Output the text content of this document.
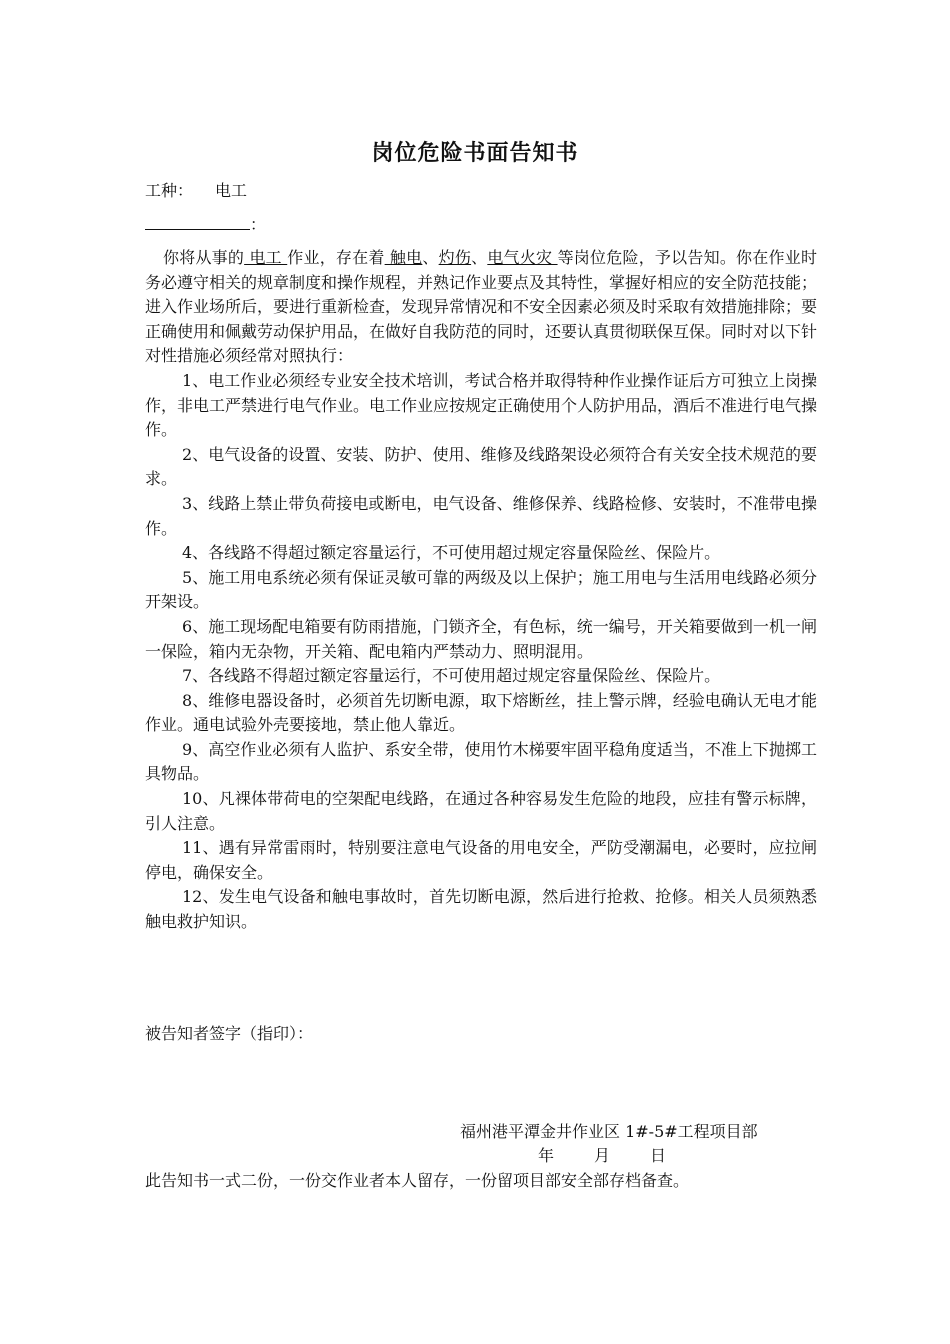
岗位危险书面告知书
工种： 电工
：

你将从事的 电工 作业，存在着 触电、灼伤、电气火灾 等岗位危险，予以告知。你在作业时务必遵守相关的规章制度和操作规程，并熟记作业要点及其特性，掌握好相应的安全防范技能；进入作业场所后，要进行重新检查，发现异常情况和不安全因素必须及时采取有效措施排除；要正确使用和佩戴劳动保护用品，在做好自我防范的同时，还要认真贯彻联保互保。同时对以下针对性措施必须经常对照执行：

1、电工作业必须经专业安全技术培训，考试合格并取得特种作业操作证后方可独立上岗操作，非电工严禁进行电气作业。电工作业应按规定正确使用个人防护用品，酒后不准进行电气操作。

2、电气设备的设置、安装、防护、使用、维修及线路架设必须符合有关安全技术规范的要求。

3、线路上禁止带负荷接电或断电，电气设备、维修保养、线路检修、安装时，不准带电操作。

4、各线路不得超过额定容量运行，不可使用超过规定容量保险丝、保险片。

5、施工用电系统必须有保证灵敏可靠的两级及以上保护；施工用电与生活用电线路必须分开架设。

6、施工现场配电箱要有防雨措施，门锁齐全，有色标，统一编号，开关箱要做到一机一闸一保险，箱内无杂物，开关箱、配电箱内严禁动力、照明混用。

7、各线路不得超过额定容量运行，不可使用超过规定容量保险丝、保险片。

8、维修电器设备时，必须首先切断电源，取下熔断丝，挂上警示牌，经验电确认无电才能作业。通电试验外壳要接地，禁止他人靠近。

9、高空作业必须有人监护、系安全带，使用竹木梯要牢固平稳角度适当，不准上下抛掷工具物品。

10、凡裸体带荷电的空架配电线路，在通过各种容易发生危险的地段，应挂有警示标牌，引人注意。

11、遇有异常雷雨时，特别要注意电气设备的用电安全，严防受潮漏电，必要时，应拉闸停电，确保安全。

12、发生电气设备和触电事故时，首先切断电源，然后进行抢救、抢修。相关人员须熟悉触电救护知识。

被告知者签字（指印）：
福州港平潭金井作业区 1#-5#工程项目部
年 月 日
此告知书一式二份，一份交作业者本人留存，一份留项目部安全部存档备查。
